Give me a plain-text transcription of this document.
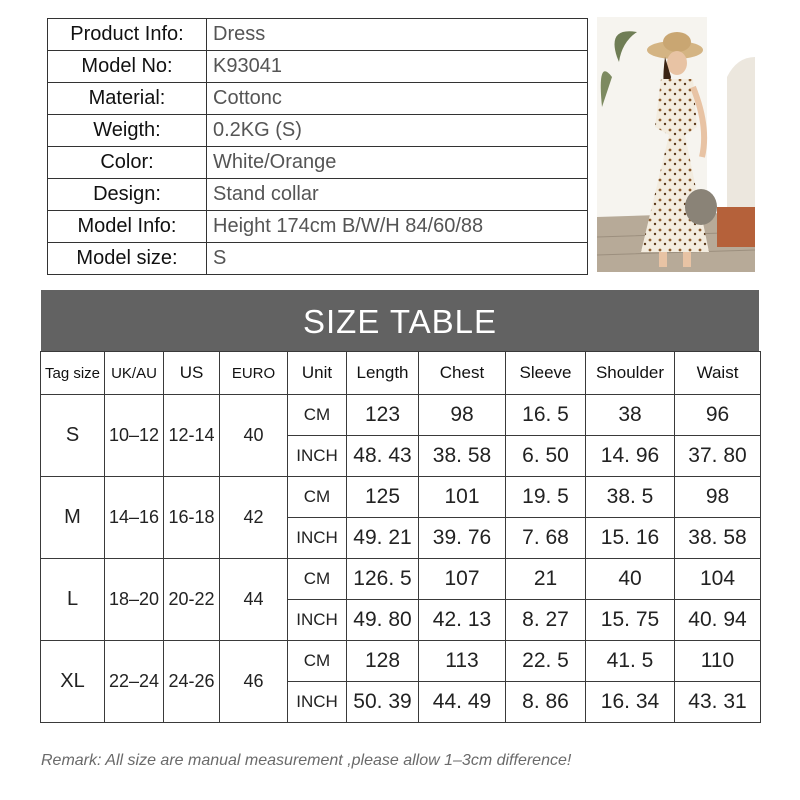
Product Info:	Dress
Model No:	K93041
Material:	Cottonc
Weigth:	0.2KG (S)
Color:	White/Orange
Design:	Stand collar
Model Info:	Height 174cm B/W/H 84/60/88
Model size:	S
SIZE TABLE
Tag size	UK/AU	US	EURO	Unit	Length	Chest	Sleeve	Shoulder	Waist
S	10–12	12-14	40	CM	123	98	16. 5	38	96
				INCH	48. 43	38. 58	6. 50	14. 96	37. 80
M	14–16	16-18	42	CM	125	101	19. 5	38. 5	98
				INCH	49. 21	39. 76	7. 68	15. 16	38. 58
L	18–20	20-22	44	CM	126. 5	107	21	40	104
				INCH	49. 80	42. 13	8. 27	15. 75	40. 94
XL	22–24	24-26	46	CM	128	113	22. 5	41. 5	110
				INCH	50. 39	44. 49	8. 86	16. 34	43. 31
Remark: All size are manual measurement ,please allow 1–3cm difference!
